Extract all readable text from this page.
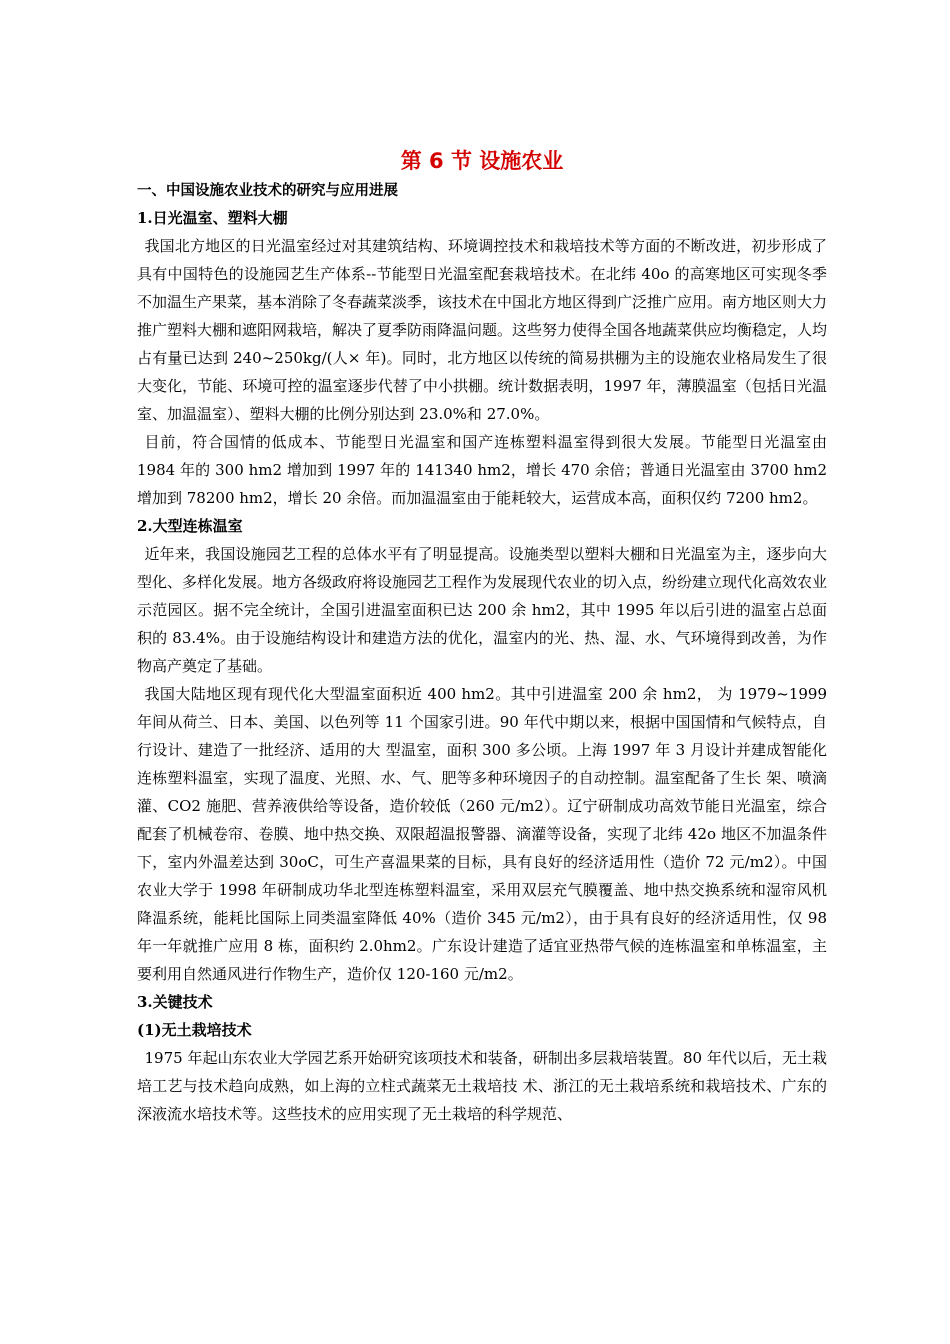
第 6 节 设施农业
一、中国设施农业技术的研究与应用进展
1.日光温室、塑料大棚

我国北方地区的日光温室经过对其建筑结构、环境调控技术和栽培技术等方面的不断改进，初步形成了具有中国特色的设施园艺生产体系--节能型日光温室配套栽培技术。在北纬 40o 的高寒地区可实现冬季不加温生产果菜，基本消除了冬春蔬菜淡季，该技术在中国北方地区得到广泛推广应用。南方地区则大力推广塑料大棚和遮阳网栽培，解决了夏季防雨降温问题。这些努力使得全国各地蔬菜供应均衡稳定，人均占有量已达到 240~250kg/(人× 年)。同时，北方地区以传统的简易拱棚为主的设施农业格局发生了很大变化，节能、环境可控的温室逐步代替了中小拱棚。统计数据表明，1997 年，薄膜温室（包括日光温室、加温温室）、塑料大棚的比例分别达到 23.0%和 27.0%。

目前，符合国情的低成本、节能型日光温室和国产连栋塑料温室得到很大发展。节能型日光温室由 1984 年的 300 hm2 增加到 1997 年的 141340 hm2，增长 470 余倍；普通日光温室由 3700 hm2 增加到 78200 hm2，增长 20 余倍。而加温温室由于能耗较大，运营成本高，面积仅约 7200 hm2。

2.大型连栋温室

近年来，我国设施园艺工程的总体水平有了明显提高。设施类型以塑料大棚和日光温室为主，逐步向大型化、多样化发展。地方各级政府将设施园艺工程作为发展现代农业的切入点，纷纷建立现代化高效农业示范园区。据不完全统计，全国引进温室面积已达 200 余 hm2，其中 1995 年以后引进的温室占总面积的 83.4%。由于设施结构设计和建造方法的优化，温室内的光、热、湿、水、气环境得到改善，为作物高产奠定了基础。

我国大陆地区现有现代化大型温室面积近 400 hm2。其中引进温室 200 余 hm2， 为 1979~1999 年间从荷兰、日本、美国、以色列等 11 个国家引进。90 年代中期以来，根据中国国情和气候特点，自行设计、建造了一批经济、适用的大 型温室，面积 300 多公顷。上海 1997 年 3 月设计并建成智能化连栋塑料温室，实现了温度、光照、水、气、肥等多种环境因子的自动控制。温室配备了生长 架、喷滴灌、CO2 施肥、营养液供给等设备，造价较低（260 元/m2）。辽宁研制成功高效节能日光温室，综合配套了机械卷帘、卷膜、地中热交换、双限超温报警器、滴灌等设备，实现了北纬 42o 地区不加温条件下，室内外温差达到 30oC，可生产喜温果菜的目标，具有良好的经济适用性（造价 72 元/m2）。中国农业大学于 1998 年研制成功华北型连栋塑料温室，采用双层充气膜覆盖、地中热交换系统和湿帘风机降温系统，能耗比国际上同类温室降低 40%（造价 345 元/m2），由于具有良好的经济适用性，仅 98 年一年就推广应用 8 栋，面积约 2.0hm2。广东设计建造了适宜亚热带气候的连栋温室和单栋温室，主要利用自然通风进行作物生产，造价仅 120-160 元/m2。

3.关键技术
(1)无土栽培技术

1975 年起山东农业大学园艺系开始研究该项技术和装备，研制出多层栽培装置。80 年代以后，无土栽培工艺与技术趋向成熟，如上海的立柱式蔬菜无土栽培技 术、浙江的无土栽培系统和栽培技术、广东的深液流水培技术等。这些技术的应用实现了无土栽培的科学规范、
